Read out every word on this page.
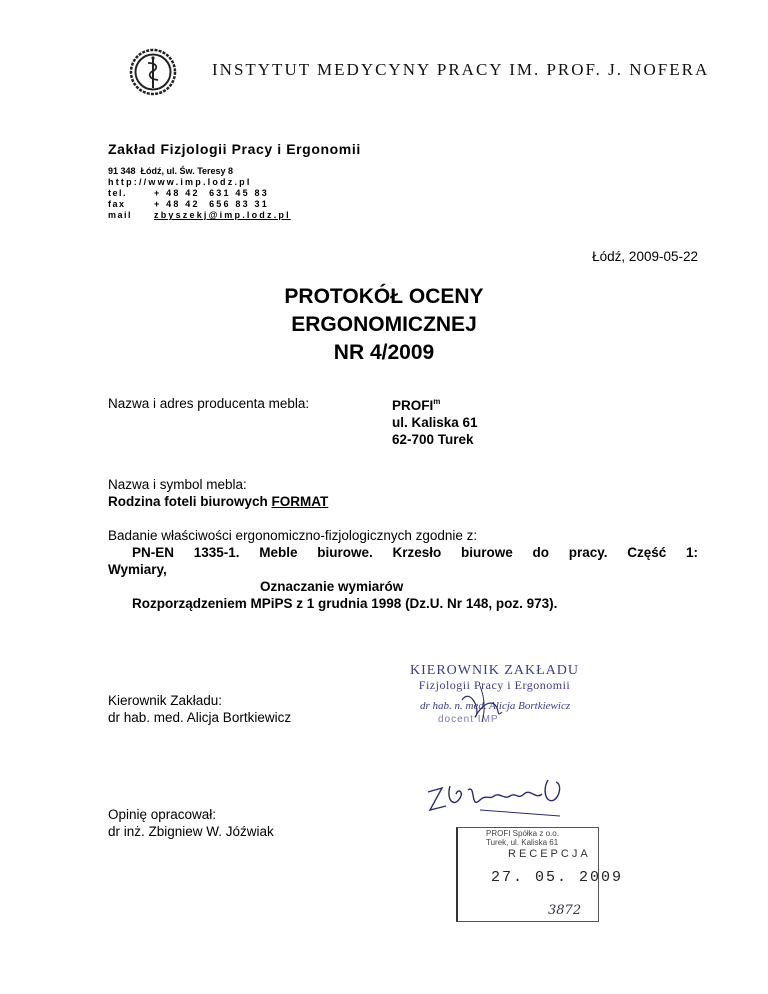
INSTYTUT MEDYCYNY PRACY IM. PROF. J. NOFERA
Zakład Fizjologii Pracy i Ergonomii
91 348  Łódź, ul. Św. Teresy 8
http://www.imp.lodz.pl
tel.	+ 48 42  631 45 83
fax	+ 48 42  656 83 31
mail zbyszekj@imp.lodz.pl
Łódź, 2009-05-22
PROTOKÓŁ OCENY
ERGONOMICZNEJ
NR 4/2009
Nazwa i adres producenta mebla:	PROFI$^m$
ul. Kaliska 61
62-700 Turek
Nazwa i symbol mebla:
Rodzina foteli biurowych FORMAT
Badanie właściwości ergonomiczno-fizjologicznych zgodnie z:
PN-EN 1335-1. Meble biurowe. Krzesło biurowe do pracy. Część 1:
Wymiary,
Oznaczanie wymiarów
Rozporządzeniem MPiPS z 1 grudnia 1998 (Dz.U. Nr 148, poz. 973).
KIEROWNIK ZAKŁADU
Fizjologii Pracy i Ergonomii
dr hab. n. med. Alicja Bortkiewicz
docent IMP
Kierownik Zakładu:
dr hab. med. Alicja Bortkiewicz
Opinię opracował:
dr inż. Zbigniew W. Jóźwiak	PROFI Spółka z o.o.
Turek, ul. Kaliska 61
RECEPCJA
27. 05. 2009
3872
